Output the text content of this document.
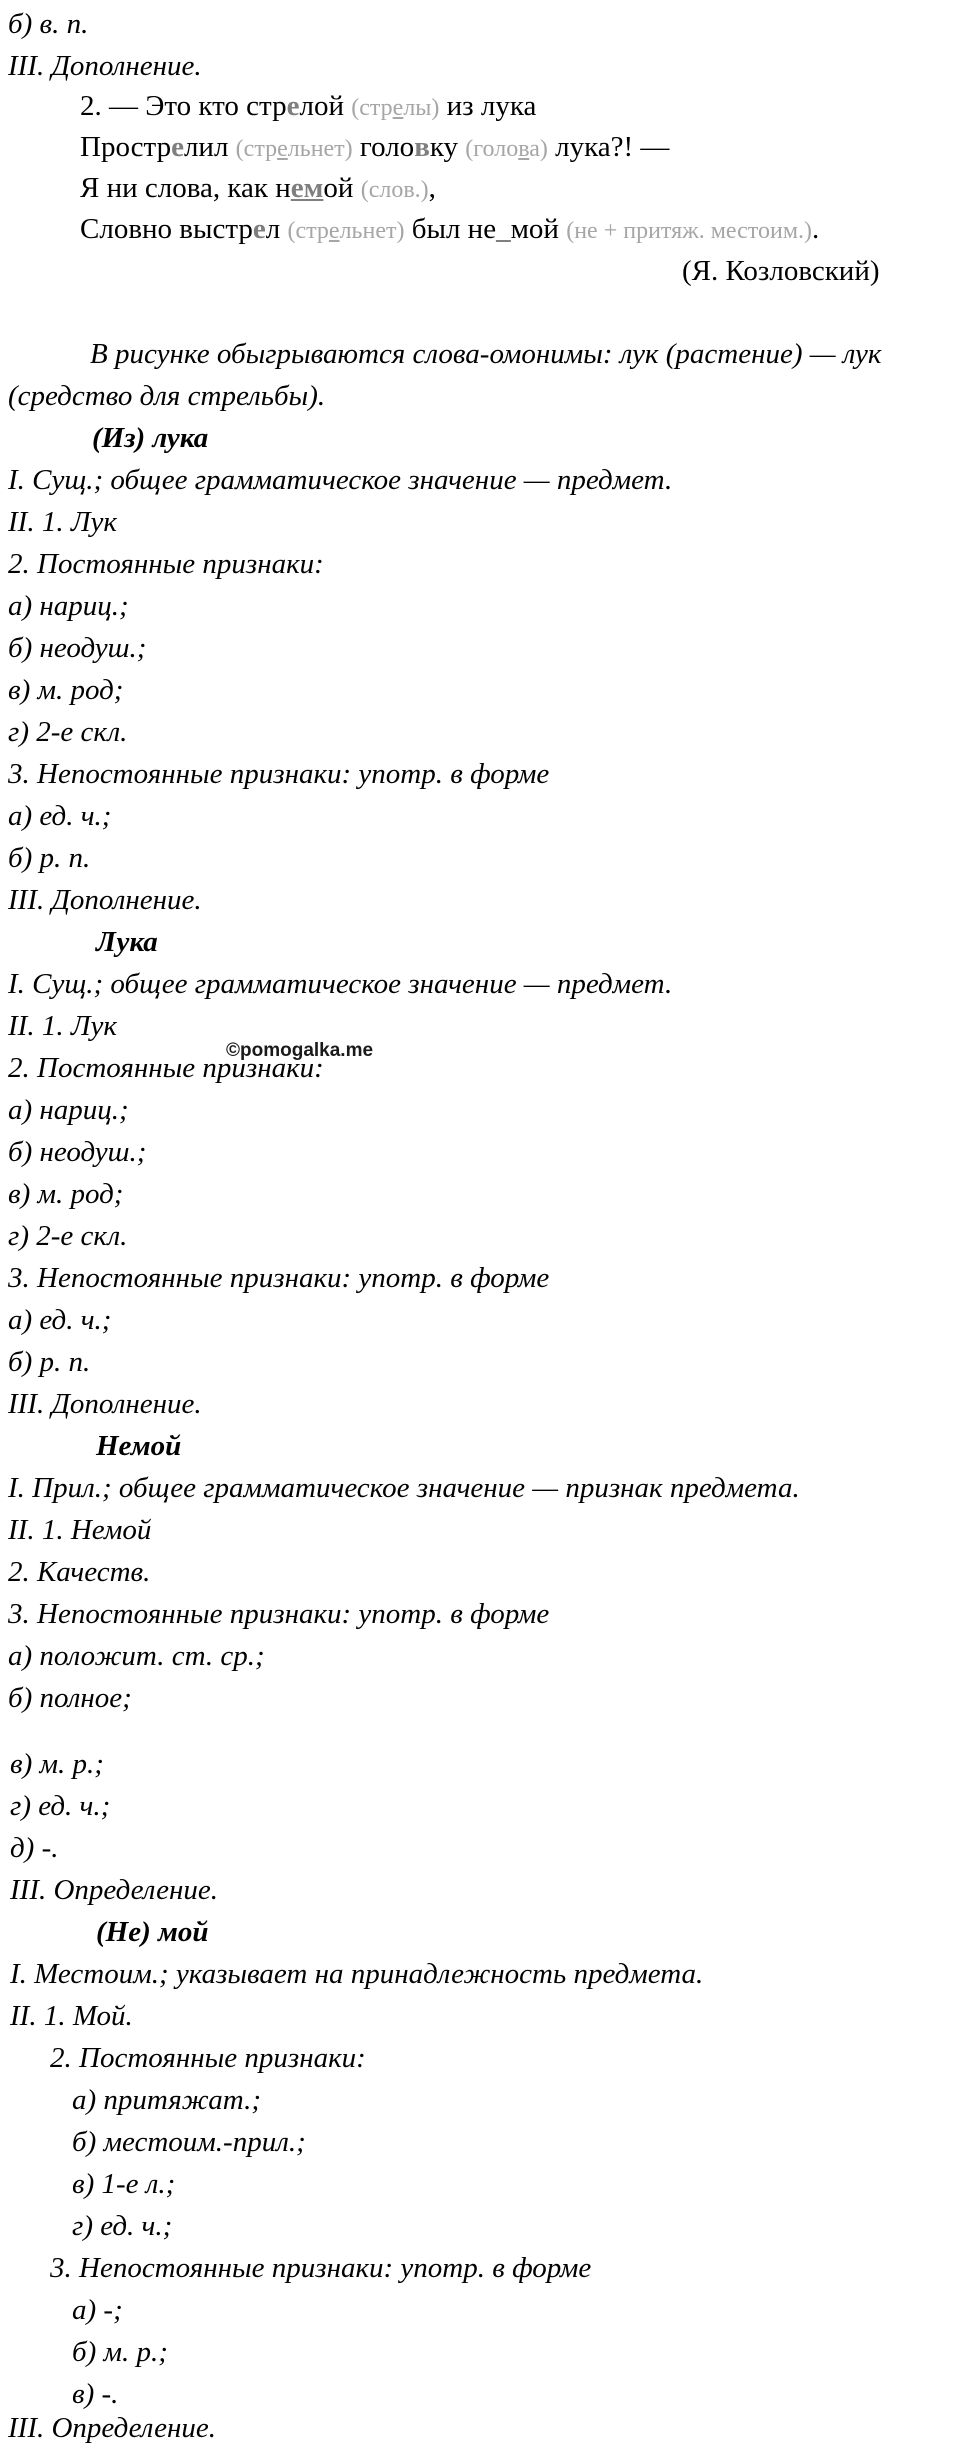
б) в. п.
III. Дополнение.
2. — Это кто стрелой (стрелы) из лука
Прострелил (стрельнет) головку (голова) лука?! —
Я ни слова, как немой (слов.),
Словно выстрел (стрельнет) был не_мой (не + притяж. местоим.).
(Я. Козловский)
В рисунке обыгрываются слова-омонимы: лук (растение) — лук
(средство для стрельбы).
(Из) лука
I. Сущ.; общее грамматическое значение — предмет.
II. 1. Лук
2. Постоянные признаки:
а) нариц.;
б) неодуш.;
в) м. род;
г) 2-е скл.
3. Непостоянные признаки: употр. в форме
а) ед. ч.;
б) р. п.
III. Дополнение.
Лука
I. Сущ.; общее грамматическое значение — предмет.
II. 1. Лук
2. Постоянные признаки:
а) нариц.;
б) неодуш.;
в) м. род;
г) 2-е скл.
3. Непостоянные признаки: употр. в форме
а) ед. ч.;
б) р. п.
III. Дополнение.
©pomogalka.me
Немой
I. Прил.; общее грамматическое значение — признак предмета.
II. 1. Немой
2. Качеств.
3. Непостоянные признаки: употр. в форме
а) положит. ст. ср.;
б) полное;
в) м. р.;
г) ед. ч.;
д) -.
III. Определение.
(Не) мой
I. Местоим.; указывает на принадлежность предмета.
II. 1. Мой.
2. Постоянные признаки:
а) притяжат.;
б) местоим.-прил.;
в) 1-е л.;
г) ед. ч.;
3. Непостоянные признаки: употр. в форме
а) -;
б) м. р.;
в) -.
III. Определение.
